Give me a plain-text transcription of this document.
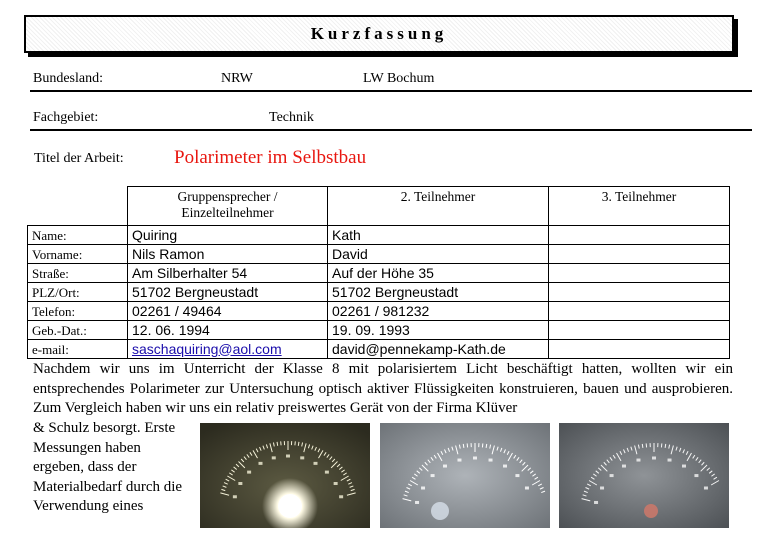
Kurzfassung
Bundesland:	NRW	LW Bochum
Fachgebiet:	Technik
Titel der Arbeit:	Polarimeter im Selbstbau
	Gruppensprecher / Einzelteilnehmer	2. Teilnehmer	3. Teilnehmer
Name:	Quiring	Kath	
Vorname:	Nils Ramon	David	
Straße:	Am Silberhalter 54	Auf der Höhe 35	
PLZ/Ort:	51702 Bergneustadt	51702 Bergneustadt	
Telefon:	02261 / 49464	02261 / 981232	
Geb.-Dat.:	12. 06. 1994	19. 09. 1993	
e-mail:	saschaquiring@aol.com	david@pennekamp-Kath.de	
Nachdem wir uns im Unterricht der Klasse 8 mit polarisiertem Licht beschäftigt hatten, wollten wir ein entsprechendes Polarimeter zur Untersuchung optisch aktiver Flüssigkeiten konstruieren, bauen und ausprobieren. Zum Vergleich haben wir uns ein relativ preiswertes Gerät von der Firma Klüver
& Schulz besorgt. Erste Messungen haben ergeben, dass der Materialbedarf durch die Verwendung eines
